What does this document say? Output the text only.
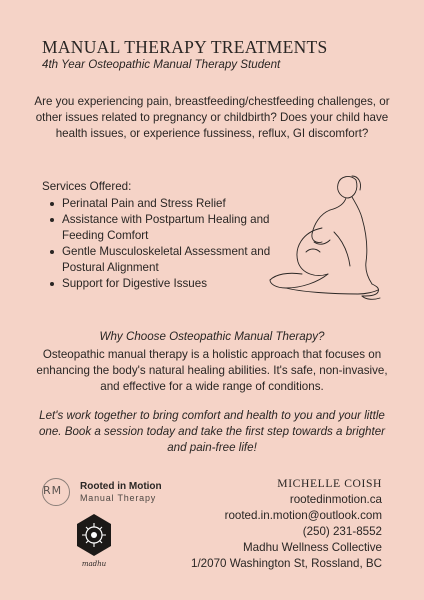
MANUAL THERAPY TREATMENTS
4th Year Osteopathic Manual Therapy Student
Are you experiencing pain, breastfeeding/chestfeeding challenges, or other issues related to pregnancy or childbirth? Does your child have health issues, or experience fussiness, reflux, GI discomfort?
Services Offered:
Perinatal Pain and Stress Relief
Assistance with Postpartum Healing and Feeding Comfort
Gentle Musculoskeletal Assessment and Postural Alignment
Support for Digestive Issues
Why Choose Osteopathic Manual Therapy?
Osteopathic manual therapy is a holistic approach that focuses on enhancing the body's natural healing abilities. It's safe, non-invasive, and effective for a wide range of conditions.
Let's work together to bring comfort and health to you and your little one. Book a session today and take the first step towards a brighter and pain-free life!
RM	Rooted in Motion
Manual Therapy
madhu
MICHELLE COISH
rootedinmotion.ca
rooted.in.motion@outlook.com
(250) 231-8552
Madhu Wellness Collective
1/2070 Washington St, Rossland, BC
